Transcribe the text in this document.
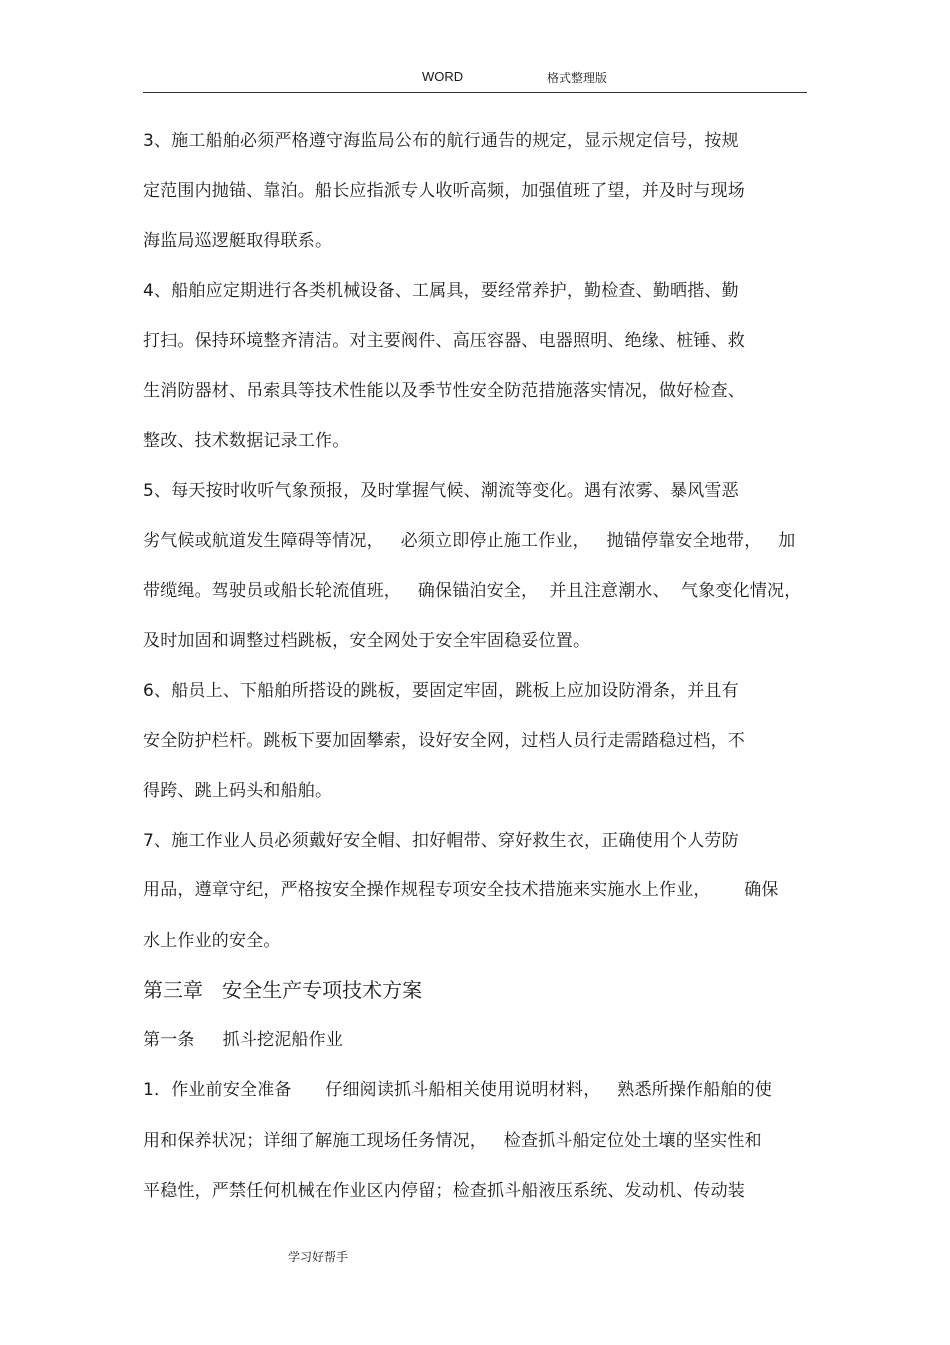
WORD	格式整理版
3、施工船舶必须严格遵守海监局公布的航行通告的规定，显示规定信号，按规
定范围内抛锚、靠泊。船长应指派专人收听高频，加强值班了望，并及时与现场
海监局巡逻艇取得联系。
4、船舶应定期进行各类机械设备、工属具，要经常养护，勤检查、勤晒揩、勤
打扫。保持环境整齐清洁。对主要阀件、高压容器、电器照明、绝缘、桩锤、救
生消防器材、吊索具等技术性能以及季节性安全防范措施落实情况，做好检查、
整改、技术数据记录工作。
5、每天按时收听气象预报，及时掌握气候、潮流等变化。遇有浓雾、暴风雪恶
劣气候或航道发生障碍等情况，   必须立即停止施工作业，   抛锚停靠安全地带，   加
带缆绳。驾驶员或船长轮流值班，   确保锚泊安全，  并且注意潮水、  气象变化情况，
及时加固和调整过档跳板，安全网处于安全牢固稳妥位置。
6、船员上、下船舶所搭设的跳板，要固定牢固，跳板上应加设防滑条，并且有
安全防护栏杆。跳板下要加固攀索，设好安全网，过档人员行走需踏稳过档，不
得跨、跳上码头和船舶。
7、施工作业人员必须戴好安全帽、扣好帽带、穿好救生衣，正确使用个人劳防
用品，遵章守纪，严格按安全操作规程专项安全技术措施来实施水上作业，      确保
水上作业的安全。
第三章   安全生产专项技术方案
第一条     抓斗挖泥船作业
1．作业前安全准备      仔细阅读抓斗船相关使用说明材料，   熟悉所操作船舶的使
用和保养状况；详细了解施工现场任务情况，   检查抓斗船定位处土壤的坚实性和
平稳性，严禁任何机械在作业区内停留；检查抓斗船液压系统、发动机、传动装
学习好帮手
